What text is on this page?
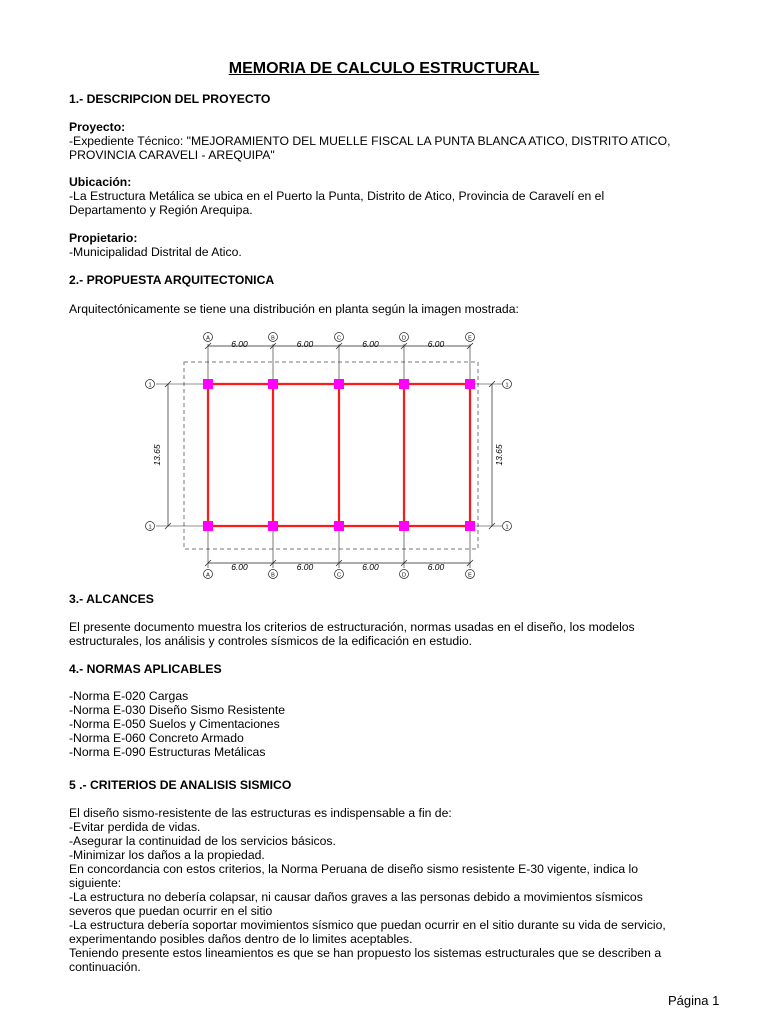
MEMORIA DE CALCULO ESTRUCTURAL
1.- DESCRIPCION DEL PROYECTO
Proyecto:
-Expediente Técnico: "MEJORAMIENTO DEL MUELLE FISCAL LA PUNTA BLANCA ATICO, DISTRITO ATICO,
PROVINCIA CARAVELI - AREQUIPA"
Ubicación:
-La Estructura Metálica se ubica en el Puerto la Punta, Distrito de Atico, Provincia de Caravelí en el
Departamento y Región Arequipa.
Propietario:
-Municipalidad Distrital de Atico.
2.- PROPUESTA ARQUITECTONICA
Arquitectónicamente se tiene una distribución en planta según la imagen mostrada:
6.00
6.00
6.00
6.00
6.00
6.00
6.00
6.00
13.65	13.65
A
A
B
B
C
C
D
D
E
E
1
1
1
1
3.- ALCANCES
El presente documento muestra los criterios de estructuración, normas usadas en el diseño, los modelos
estructurales, los análisis y controles sísmicos de la edificación en estudio.
4.- NORMAS APLICABLES
-Norma E-020 Cargas
-Norma E-030 Diseño Sismo Resistente
-Norma E-050 Suelos y Cimentaciones
-Norma E-060 Concreto Armado
-Norma E-090 Estructuras Metálicas
5 .- CRITERIOS DE ANALISIS SISMICO
El diseño sismo-resistente de las estructuras es indispensable a fin de:
-Evitar perdida de vidas.
-Asegurar la continuidad de los servicios básicos.
-Minimizar los daños a la propiedad.
En concordancia con estos criterios, la Norma Peruana de diseño sismo resistente E-30 vigente, indica lo
siguiente:
-La estructura no debería colapsar, ni causar daños graves a las personas debido a movimientos sísmicos
severos que puedan ocurrir en el sitio
-La estructura debería soportar movimientos sísmico que puedan ocurrir en el sitio durante su vida de servicio,
experimentando posibles daños dentro de lo limites aceptables.
Teniendo presente estos lineamientos es que se han propuesto los sistemas estructurales que se describen a
continuación.
Página 1
